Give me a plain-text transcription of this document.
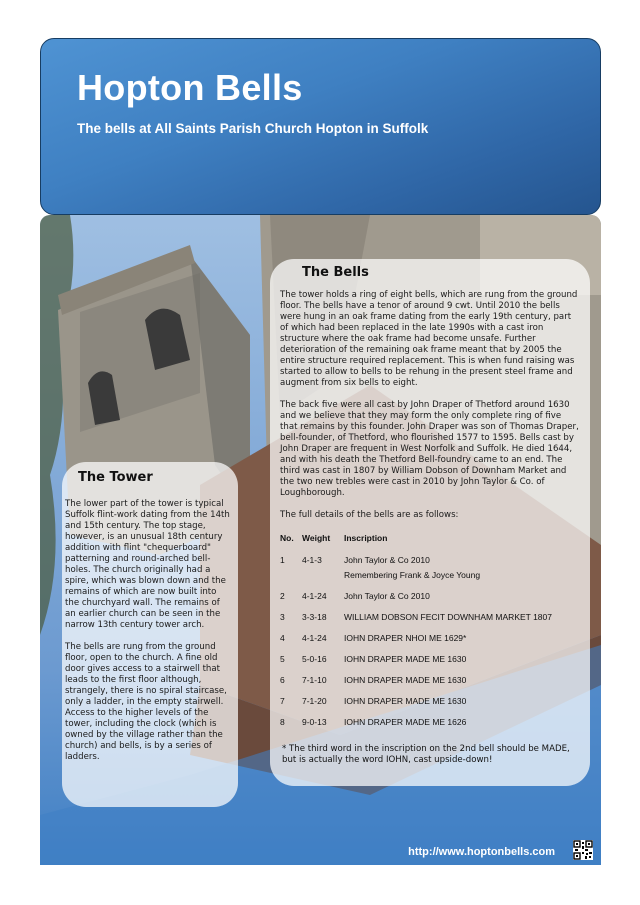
Hopton Bells

The bells at All Saints Parish Church Hopton in Suffolk

The Tower

The lower part of the tower is typical Suffolk flint-work dating from the 14th and 15th century. The top stage, however, is an unusual 18th century addition with flint "chequerboard" patterning and round-arched bell-holes. The church originally had a spire, which was blown down and the remains of which are now built into the churchyard wall. The remains of an earlier church can be seen in the narrow 13th century tower arch.

The bells are rung from the ground floor, open to the church. A fine old door gives access to a stairwell that leads to the first floor although, strangely, there is no spiral staircase, only a ladder, in the empty stairwell. Access to the higher levels of the tower, including the clock (which is owned by the village rather than the church) and bells, is by a series of ladders.

The Bells

The tower holds a ring of eight bells, which are rung from the ground floor. The bells have a tenor of around 9 cwt. Until 2010 the bells were hung in an oak frame dating from the early 19th century, part of which had been replaced in the late 1990s with a cast iron structure where the oak frame had become unsafe. Further deterioration of the remaining oak frame meant that by 2005 the entire structure required replacement. This is when fund raising was started to allow to bells to be rehung in the present steel frame and augment from six bells to eight.

The back five were all cast by John Draper of Thetford around 1630 and we believe that they may form the only complete ring of five that remains by this founder. John Draper was son of Thomas Draper, bell-founder, of Thetford, who flourished 1577 to 1595. Bells cast by John Draper are frequent in West Norfolk and Suffolk. He died 1644, and with his death the Thetford Bell-foundry came to an end. The third was cast in 1807 by William Dobson of Downham Market and the two new trebles were cast in 2010 by John Taylor & Co. of Loughborough.

The full details of the bells are as follows:

No.	Weight	Inscription
1	4-1-3	John Taylor & Co 2010
Remembering Frank & Joyce Young

2	4-1-24	John Taylor & Co 2010
3	3-3-18	WILLIAM DOBSON FECIT DOWNHAM MARKET 1807
4	4-1-24	IOHN DRAPER NHOI ME 1629*
5	5-0-16	IOHN DRAPER MADE ME 1630
6	7-1-10	IOHN DRAPER MADE ME 1630
7	7-1-20	IOHN DRAPER MADE ME 1630
8	9-0-13	IOHN DRAPER MADE ME 1626

* The third word in the inscription on the 2nd bell should be MADE, but is actually the word IOHN, cast upside-down!

http://www.hoptonbells.com
